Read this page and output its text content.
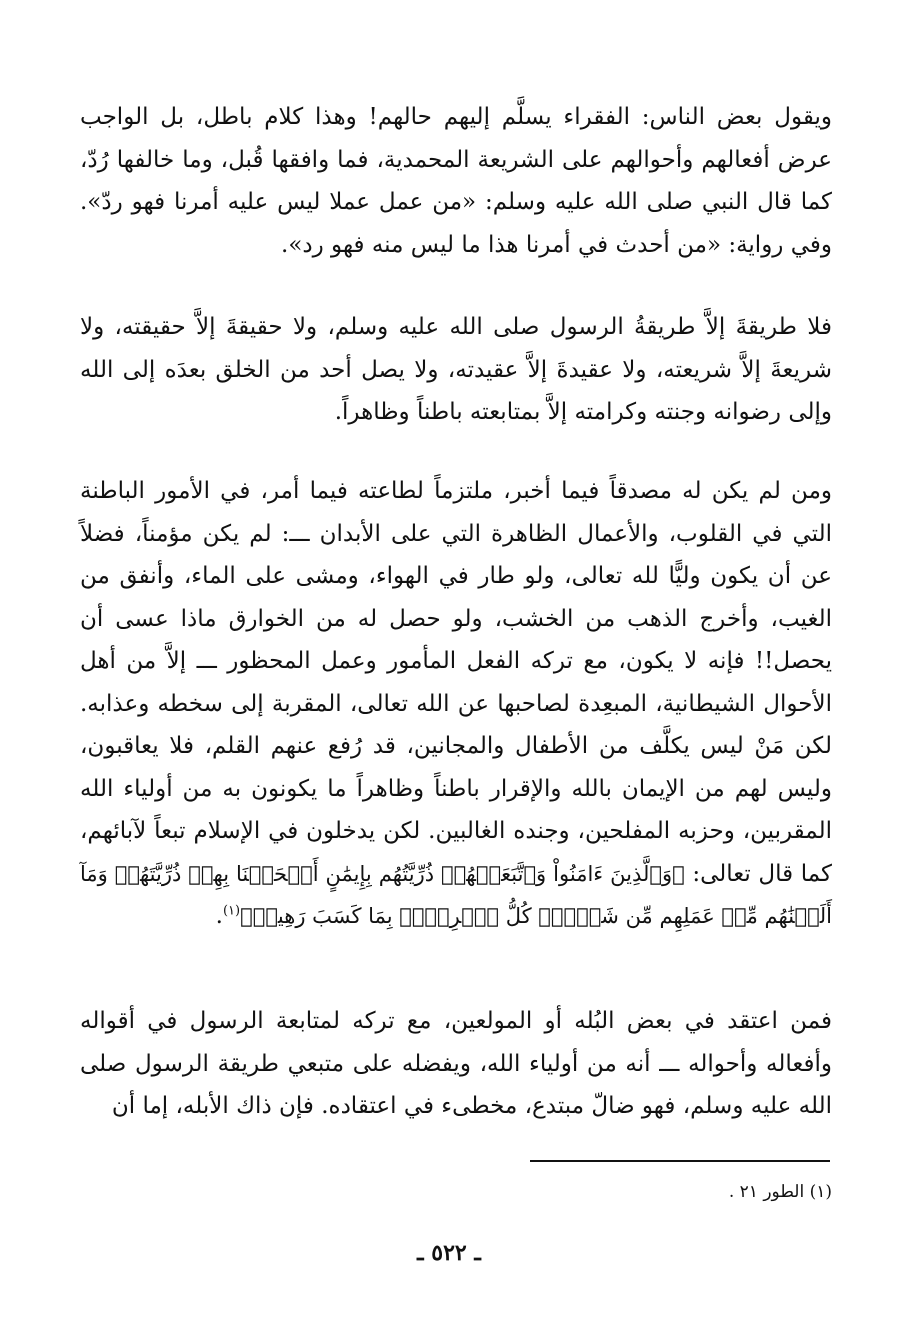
ويقول بعض الناس: الفقراء يسلَّم إليهم حالهم! وهذا كلام باطل، بل الواجب عرض أفعالهم وأحوالهم على الشريعة المحمدية، فما وافقها قُبل، وما خالفها رُدّ، كما قال النبي صلى الله عليه وسلم: «من عمل عملا ليس عليه أمرنا فهو ردّ». وفي رواية: «من أحدث في أمرنا هذا ما ليس منه فهو رد».

فلا طريقةَ إلاَّ طريقةُ الرسول صلى الله عليه وسلم، ولا حقيقةَ إلاَّ حقيقته، ولا شريعةَ إلاَّ شريعته، ولا عقيدةَ إلاَّ عقيدته، ولا يصل أحد من الخلق بعدَه إلى الله وإلى رضوانه وجنته وكرامته إلاَّ بمتابعته باطناً وظاهراً.

ومن لم يكن له مصدقاً فيما أخبر، ملتزماً لطاعته فيما أمر، في الأمور الباطنة التي في القلوب، والأعمال الظاهرة التي على الأبدان ـــ: لم يكن مؤمناً، فضلاً عن أن يكون وليًّا لله تعالى، ولو طار في الهواء، ومشى على الماء، وأنفق من الغيب، وأخرج الذهب من الخشب، ولو حصل له من الخوارق ماذا عسى أن يحصل!! فإنه لا يكون، مع تركه الفعل المأمور وعمل المحظور ـــ إلاَّ من أهل الأحوال الشيطانية، المبعِدة لصاحبها عن الله تعالى، المقربة إلى سخطه وعذابه. لكن مَنْ ليس يكلَّف من الأطفال والمجانين، قد رُفع عنهم القلم، فلا يعاقبون، وليس لهم من الإيمان بالله والإقرار باطناً وظاهراً ما يكونون به من أولياء الله المقربين، وحزبه المفلحين، وجنده الغالبين. لكن يدخلون في الإسلام تبعاً لآبائهم، كما قال تعالى: ﴿وَٱلَّذِينَ ءَامَنُواْ وَٱتَّبَعَتۡهُمۡ ذُرِّيَّتُهُم بِإِيمَٰنٍ أَلۡحَقۡنَا بِهِمۡ ذُرِّيَّتَهُمۡ وَمَآ أَلَتۡنَٰهُم مِّنۡ عَمَلِهِم مِّن شَيۡءٖۚ كُلُّ ٱمۡرِيِٕۭ بِمَا كَسَبَ رَهِينٞ﴾$^{(١)}$.

فمن اعتقد في بعض البُله أو المولعين، مع تركه لمتابعة الرسول في أقواله وأفعاله وأحواله ـــ أنه من أولياء الله، ويفضله على متبعي طريقة الرسول صلى الله عليه وسلم، فهو ضالّ مبتدع، مخطىء في اعتقاده. فإن ذاك الأبله، إما أن

(١) الطور ٢١ .
ـ ٥٢٢ ـ
